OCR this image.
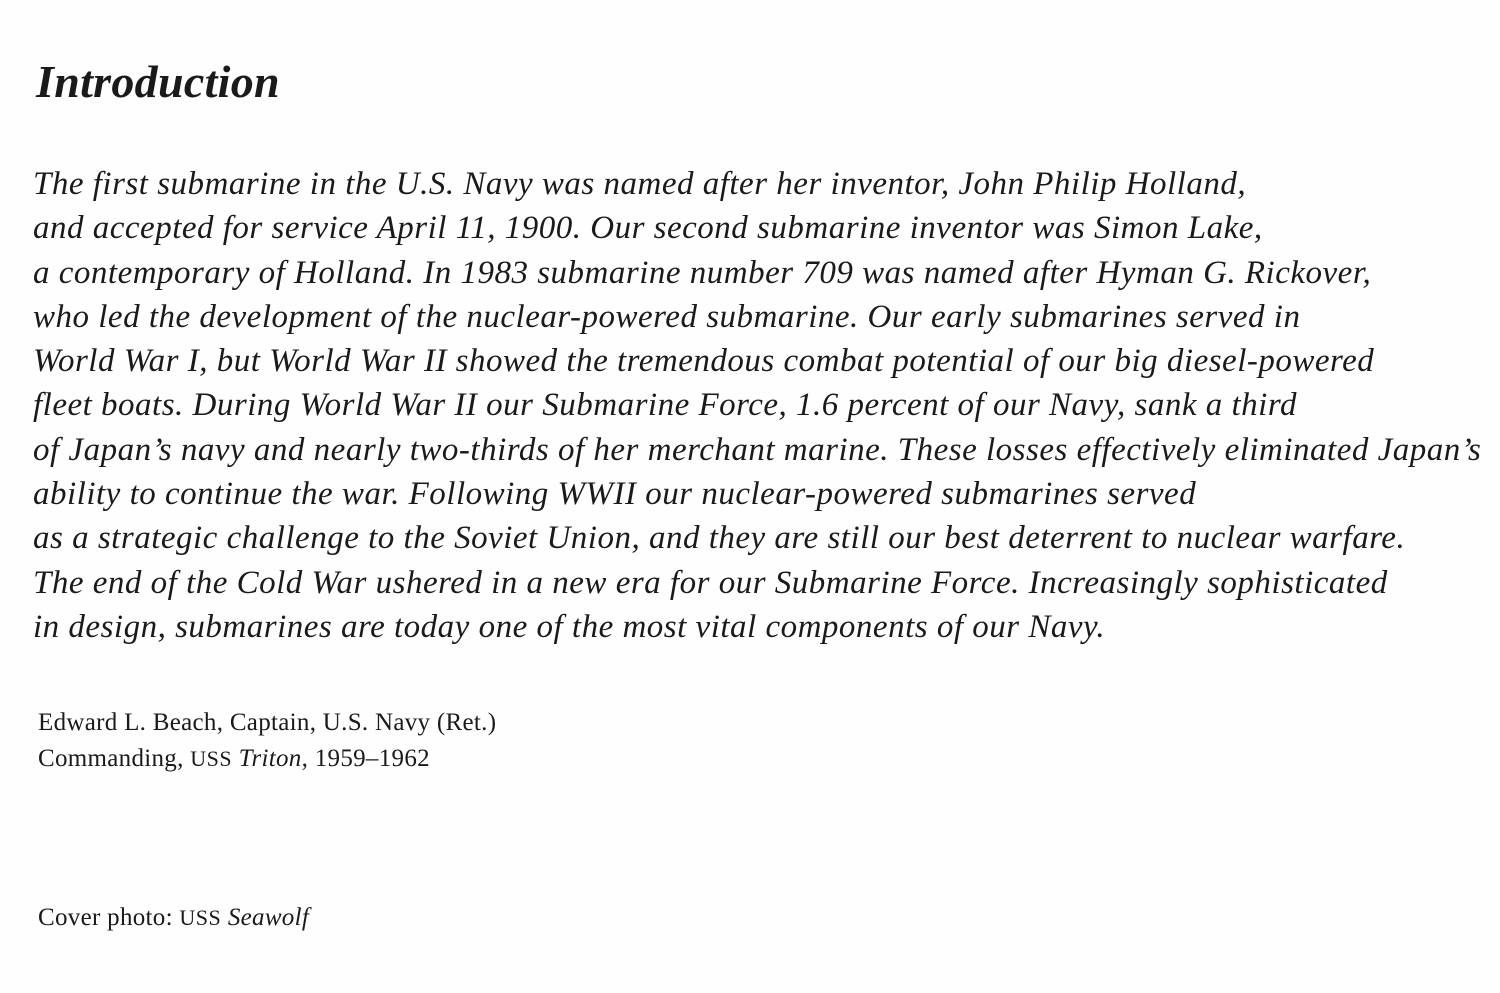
Introduction
The first submarine in the U.S. Navy was named after her inventor, John Philip Holland,
and accepted for service April 11, 1900. Our second submarine inventor was Simon Lake,
a contemporary of Holland. In 1983 submarine number 709 was named after Hyman G. Rickover,
who led the development of the nuclear-powered submarine. Our early submarines served in
World War I, but World War II showed the tremendous combat potential of our big diesel-powered
fleet boats. During World War II our Submarine Force, 1.6 percent of our Navy, sank a third
of Japan’s navy and nearly two-thirds of her merchant marine. These losses effectively eliminated Japan’s
ability to continue the war. Following WWII our nuclear-powered submarines served
as a strategic challenge to the Soviet Union, and they are still our best deterrent to nuclear warfare.
The end of the Cold War ushered in a new era for our Submarine Force. Increasingly sophisticated
in design, submarines are today one of the most vital components of our Navy.
Edward L. Beach, Captain, U.S. Navy (Ret.)
Commanding, USS Triton, 1959–1962
Cover photo: USS Seawolf
